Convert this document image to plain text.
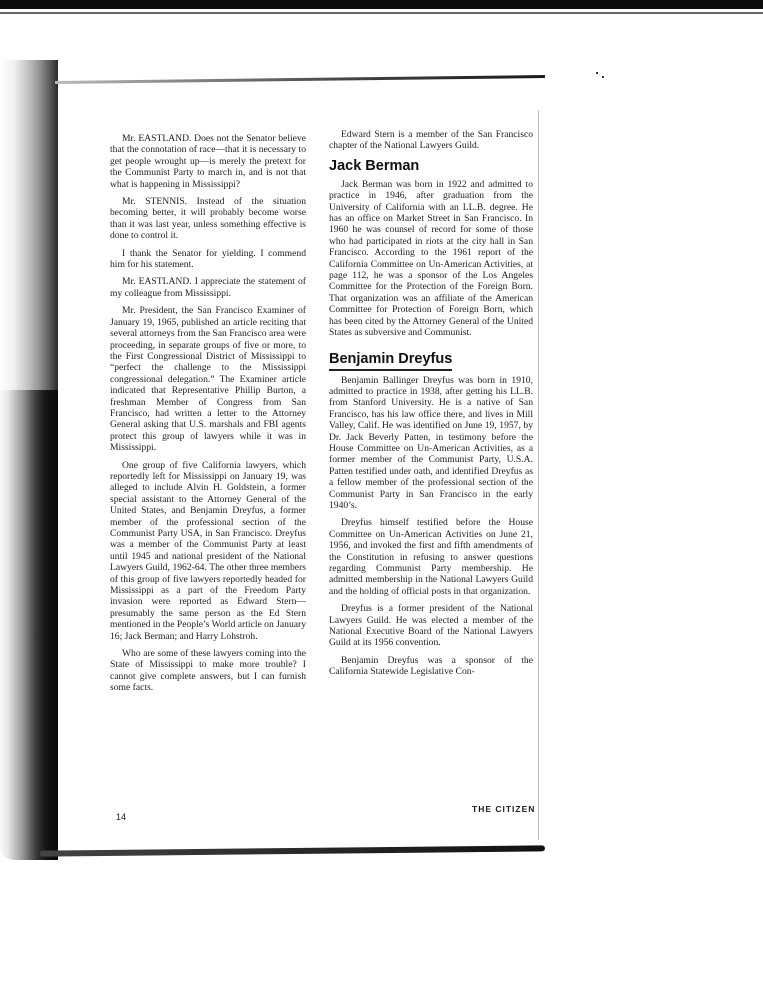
Mr. EASTLAND. Does not the Senator believe that the connotation of race—that it is necessary to get people wrought up—is merely the pretext for the Communist Party to march in, and is not that what is happening in Mississippi?

Mr. STENNIS. Instead of the situation becoming better, it will probably become worse than it was last year, unless something effective is done to control it.

I thank the Senator for yielding. I commend him for his statement.

Mr. EASTLAND. I appreciate the statement of my colleague from Mississippi.

Mr. President, the San Francisco Examiner of January 19, 1965, published an article reciting that several attorneys from the San Francisco area were proceeding, in separate groups of five or more, to the First Congressional District of Mississippi to “perfect the challenge to the Mississippi congressional delegation.” The Examiner article indicated that Representative Phillip Burton, a freshman Member of Congress from San Francisco, had written a letter to the Attorney General asking that U.S. marshals and FBI agents protect this group of lawyers while it was in Mississippi.

One group of five California lawyers, which reportedly left for Mississippi on January 19, was alleged to include Alvin H. Goldstein, a former special assistant to the Attorney General of the United States, and Benjamin Dreyfus, a former member of the professional section of the Communist Party USA, in San Francisco. Dreyfus was a member of the Communist Party at least until 1945 and national president of the National Lawyers Guild, 1962-64. The other three members of this group of five lawyers reportedly headed for Mississippi as a part of the Freedom Party invasion were reported as Edward Stern—presumably the same person as the Ed Stern mentioned in the People’s World article on January 16; Jack Berman; and Harry Lohstroh.

Who are some of these lawyers coming into the State of Mississippi to make more trouble? I cannot give complete answers, but I can furnish some facts.

Edward Stern is a member of the San Francisco chapter of the National Lawyers Guild.

Jack Berman

Jack Berman was born in 1922 and admitted to practice in 1946, after graduation from the University of California with an LL.B. degree. He has an office on Market Street in San Francisco. In 1960 he was counsel of record for some of those who had participated in riots at the city hall in San Francisco. According to the 1961 report of the California Committee on Un-American Activities, at page 112, he was a sponsor of the Los Angeles Committee for the Protection of the Foreign Born. That organization was an affiliate of the American Committee for Protection of Foreign Born, which has been cited by the Attorney General of the United States as subversive and Communist.

Benjamin Dreyfus

Benjamin Ballinger Dreyfus was born in 1910, admitted to practice in 1938, after getting his LL.B. from Stanford University. He is a native of San Francisco, has his law office there, and lives in Mill Valley, Calif. He was identified on June 19, 1957, by Dr. Jack Beverly Patten, in testimony before the House Committee on Un-American Activities, as a former member of the Communist Party, U.S.A. Patten testified under oath, and identified Dreyfus as a fellow member of the professional section of the Communist Party in San Francisco in the early 1940’s.

Dreyfus himself testified before the House Committee on Un-American Activities on June 21, 1956, and invoked the first and fifth amendments of the Constitution in refusing to answer questions regarding Communist Party membership. He admitted membership in the National Lawyers Guild and the holding of official posts in that organization.

Dreyfus is a former president of the National Lawyers Guild. He was elected a member of the National Executive Board of the National Lawyers Guild at its 1956 convention.

Benjamin Dreyfus was a sponsor of the California Statewide Legislative Con-

THE CITIZEN
14
